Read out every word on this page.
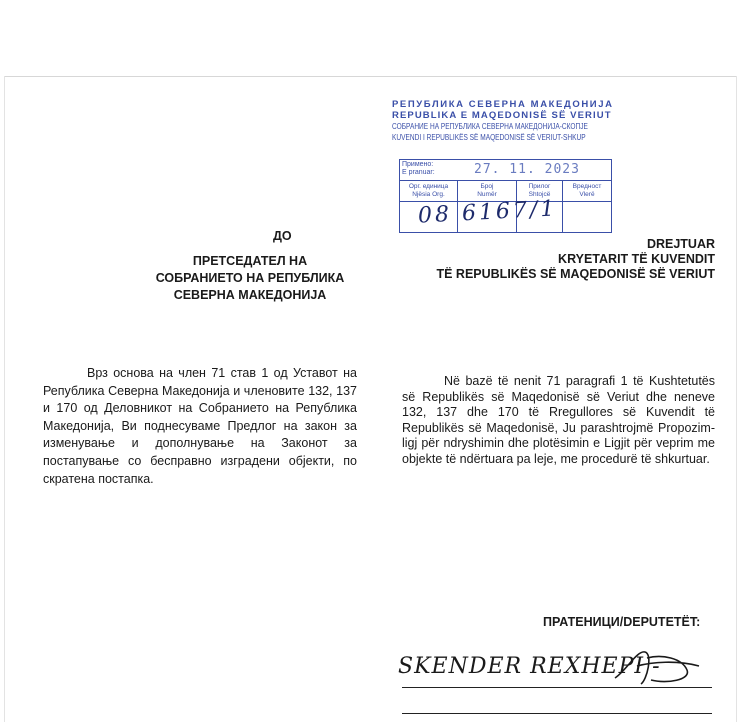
РЕПУБЛИКА СЕВЕРНА МАКЕДОНИЈА
REPUBLIKA E MAQEDONISË SË VERIUT
СОБРАНИЕ НА РЕПУБЛИКА СЕВЕРНА МАКЕДОНИЈА-СКОПЈЕ
KUVENDI I REPUBLIKËS SË MAQEDONISË SË VERIUT-SHKUP
Примено:
E pranuar:	27. 11. 2023
Орг. единица
Njësia Org.
Број
Numër
Прилог
Shtojcë
Вредност
Vlerë
08 6167/1
ДО
ПРЕТСЕДАТЕЛ НА
СОБРАНИЕТО НА РЕПУБЛИКА
СЕВЕРНА МАКЕДОНИЈА
DREJTUAR
KRYETARIT TË KUVENDIT
TË REPUBLIKËS SË MAQEDONISË SË VERIUT
Врз основа на член 71 став 1 од Уставот на Република Северна Македонија и членовите 132, 137 и 170 од Деловникот на Собранието на Република Македонија, Ви поднесуваме Предлог на закон за изменување и дополнување на Законот за постапување со бесправно изградени објекти, по скратена постапка.
Në bazë të nenit 71 paragrafi 1 të Kushtetutës së Republikës së Maqedonisë së Veriut dhe neneve 132, 137 dhe 170 të Rregullores së Kuvendit të Republikës së Maqedonisë, Ju parashtrojmë Propozim-ligj për ndryshimin dhe plotësimin e Ligjit për veprim me objekte të ndërtuara pa leje, me procedurë të shkurtuar.
ПРАТЕНИЦИ/DEPUTETËT:
SKENDER REXHEPI -
